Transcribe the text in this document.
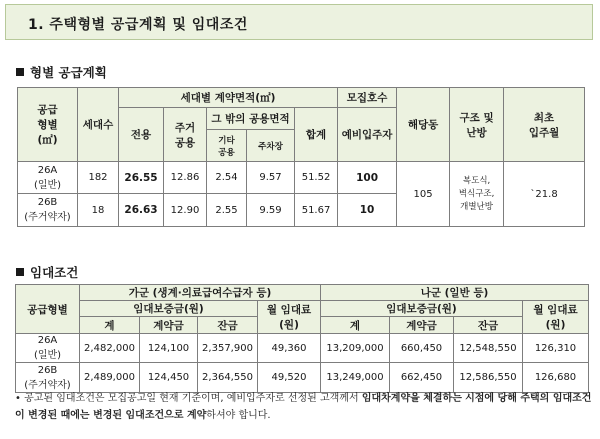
1. 주택형별 공급계획 및 임대조건
형별 공급계획
공급
형별
(㎡)	세대수	세대별 계약면적(㎡)					모집호수	해당동	구조 및
난방	최초
입주월
		전용	주거
공용	그 밖의 공용면적		합계	예비입주자			
				기타
공용	주차장					
26A
(일반)	182	26.55	12.86	2.54	9.57	51.52	100	105	복도식,
벽식구조,
개별난방	`21.8
26B
(주거약자)	18	26.63	12.90	2.55	9.59	51.67	10			
임대조건
공급형별	가군 (생계·의료급여수급자 등)				나군 (일반 등)			
	임대보증금(원)			월 임대료
(원)	임대보증금(원)			월 임대료
(원)
	계	계약금	잔금		계	계약금	잔금	
26A
(일반)	2,482,000	124,100	2,357,900	49,360	13,209,000	660,450	12,548,550	126,310
26B
(주거약자)	2,489,000	124,450	2,364,550	49,520	13,249,000	662,450	12,586,550	126,680
• 공고된 임대조건은 모집공고일 현재 기준이며, 예비입주자로 선정된 고객께서 임대차계약을 체결하는 시점에 당해 주택의 임대조건이 변경된 때에는 변경된 임대조건으로 계약하셔야 합니다.
